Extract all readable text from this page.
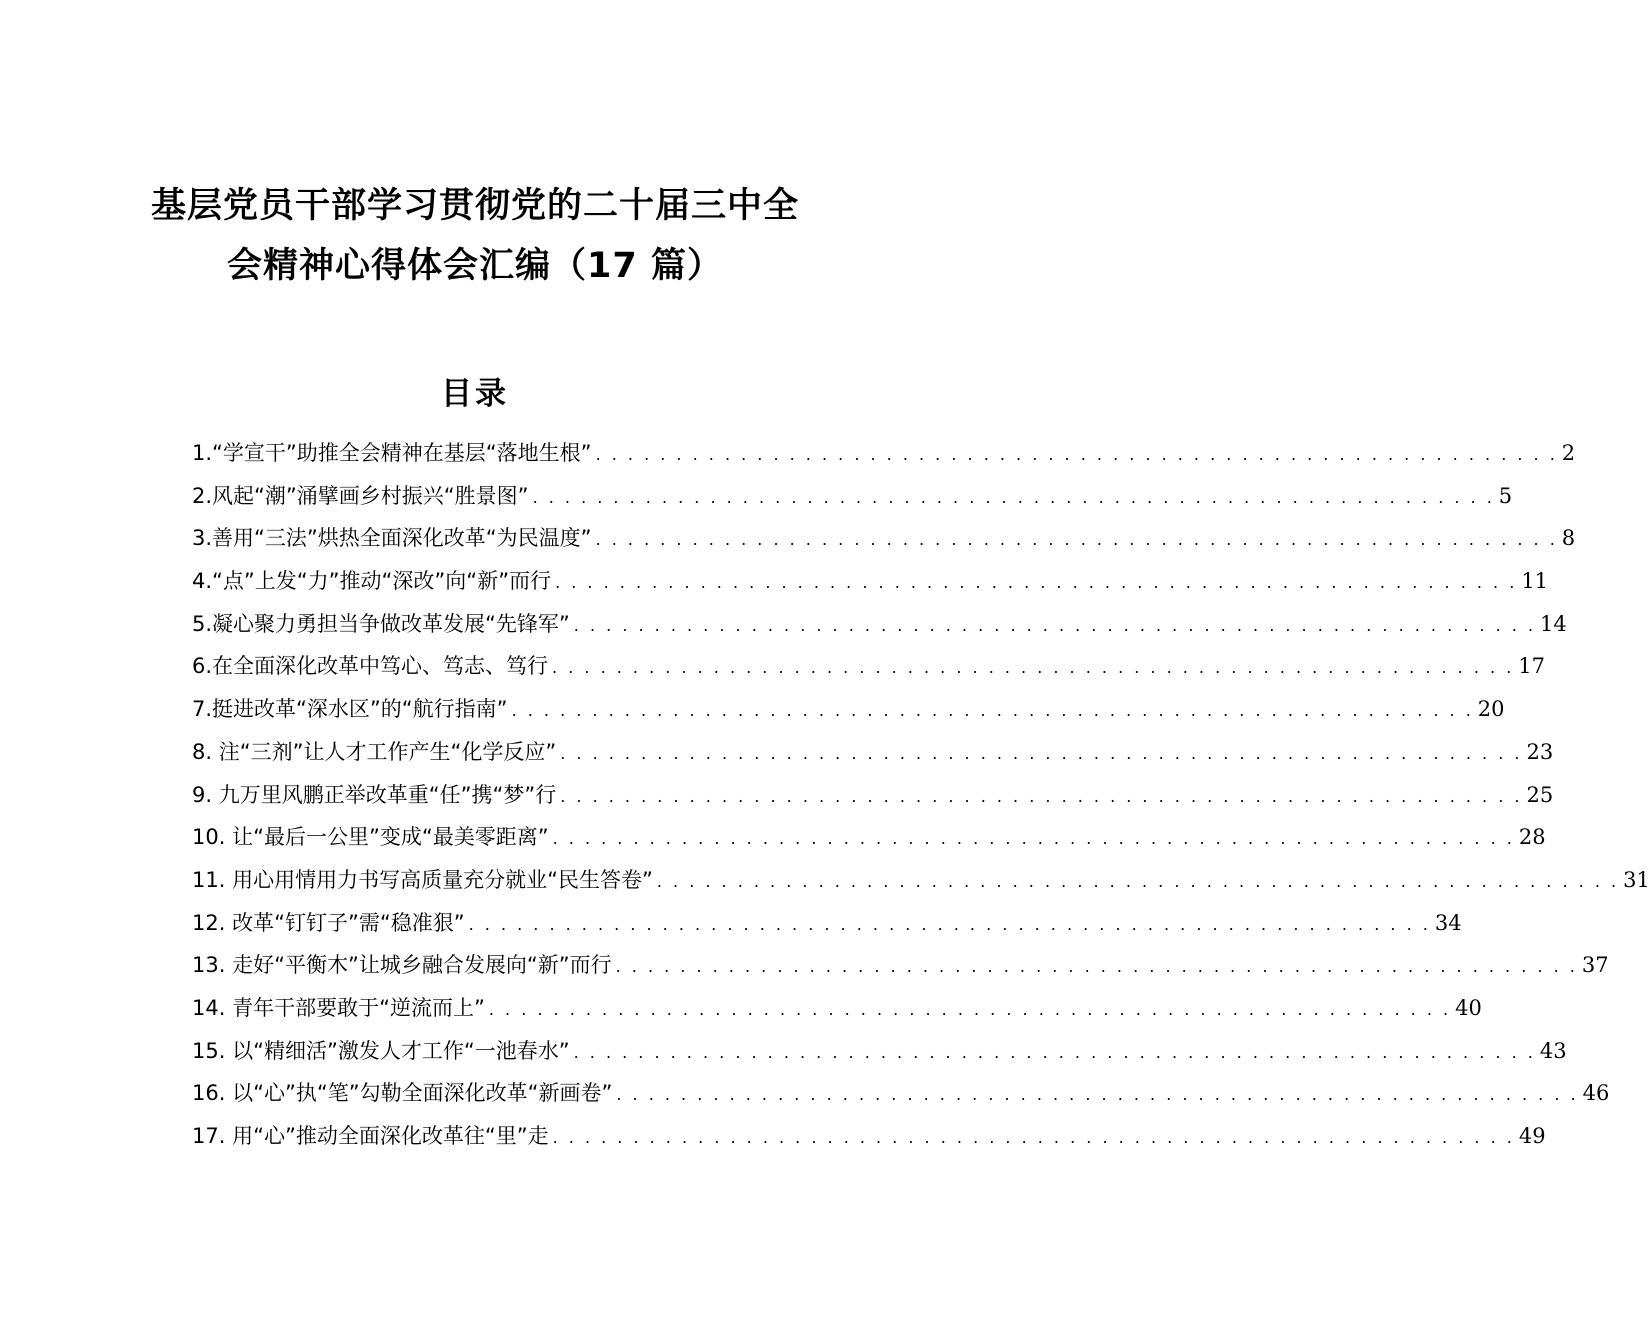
基层党员干部学习贯彻党的二十届三中全
会精神心得体会汇编（17 篇）
目录
1.“学宣干”助推全会精神在基层“落地生根” . . .	2
2.风起“潮”涌擘画乡村振兴“胜景图” . . .	5
3.善用“三法”烘热全面深化改革“为民温度” . . .	8
4.“点”上发“力”推动“深改”向“新”而行 . . .	11
5.凝心聚力勇担当争做改革发展“先锋军” . . .	14
6.在全面深化改革中笃心、笃志、笃行 . . .	17
7.挺进改革“深水区”的“航行指南” . . .	20
8. 注“三剂”让人才工作产生“化学反应” . . .	23
9. 九万里风鹏正举改革重“任”携“梦”行 . . .	25
10. 让“最后一公里”变成“最美零距离” . . .	28
11. 用心用情用力书写高质量充分就业“民生答卷” . . .	31
12. 改革“钉钉子”需“稳准狠” . . .	34
13. 走好“平衡木”让城乡融合发展向“新”而行 . . .	37
14. 青年干部要敢于“逆流而上” . . .	40
15. 以“精细活”激发人才工作“一池春水” . . .	43
16. 以“心”执“笔”勾勒全面深化改革“新画卷” . . .	46
17. 用“心”推动全面深化改革往“里”走 . . .	49
